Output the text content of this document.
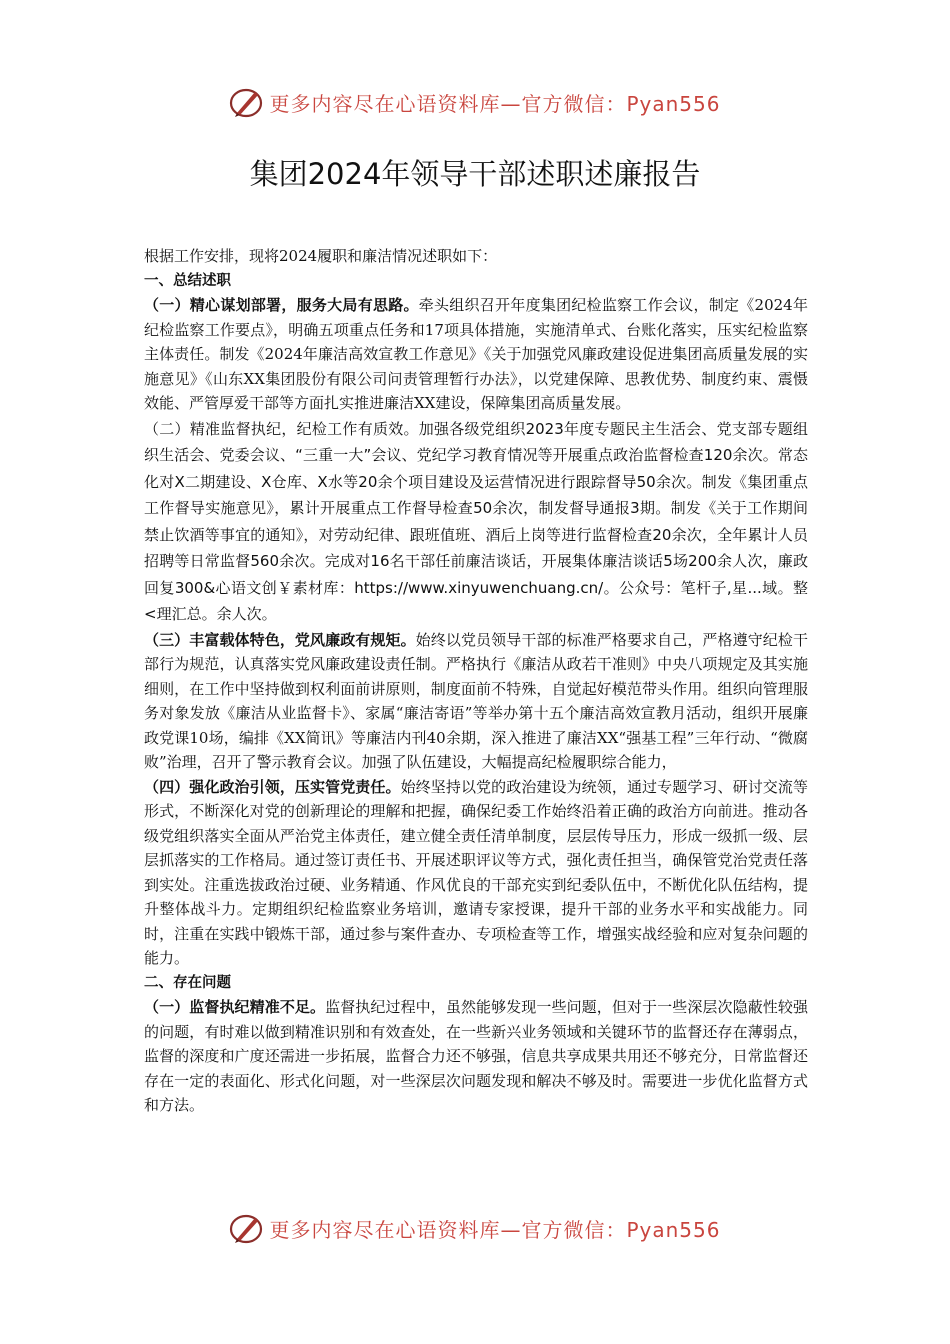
更多内容尽在心语资料库—官方微信：Pyan556
集团2024年领导干部述职述廉报告

根据工作安排，现将2024履职和廉洁情况述职如下：

一、总结述职

（一）精心谋划部署，服务大局有思路。牵头组织召开年度集团纪检监察工作会议，制定《2024年纪检监察工作要点》，明确五项重点任务和17项具体措施，实施清单式、台账化落实，压实纪检监察主体责任。制发《2024年廉洁高效宣教工作意见》《关于加强党风廉政建设促进集团高质量发展的实施意见》《山东XX集团股份有限公司问责管理暂行办法》，以党建保障、思教优势、制度约束、震慑效能、严管厚爱干部等方面扎实推进廉洁XX建设，保障集团高质量发展。

（二）精准监督执纪，纪检工作有质效。加强各级党组织2023年度专题民主生活会、党支部专题组织生活会、党委会议、“三重一大”会议、党纪学习教育情况等开展重点政治监督检查120余次。常态化对X二期建设、X仓库、X水等20余个项目建设及运营情况进行跟踪督导50余次。制发《集团重点工作督导实施意见》，累计开展重点工作督导检查50余次，制发督导通报3期。制发《关于工作期间禁止饮酒等事宜的通知》，对劳动纪律、跟班值班、酒后上岗等进行监督检查20余次，全年累计人员招聘等日常监督560余次。完成对16名干部任前廉洁谈话，开展集体廉洁谈话5场200余人次，廉政回复300&心语文创￥素材库：https://www.xinyuwenchuang.cn/。公众号：笔杆子,星...域。整<理汇总。余人次。

（三）丰富载体特色，党风廉政有规矩。始终以党员领导干部的标准严格要求自己，严格遵守纪检干部行为规范，认真落实党风廉政建设责任制。严格执行《廉洁从政若干准则》中央八项规定及其实施细则，在工作中坚持做到权利面前讲原则，制度面前不特殊，自觉起好模范带头作用。组织向管理服务对象发放《廉洁从业监督卡》、家属“廉洁寄语”等举办第十五个廉洁高效宣教月活动，组织开展廉政党课10场，编排《XX简讯》等廉洁内刊40余期，深入推进了廉洁XX“强基工程”三年行动、“微腐败”治理，召开了警示教育会议。加强了队伍建设，大幅提高纪检履职综合能力，

（四）强化政治引领，压实管党责任。始终坚持以党的政治建设为统领，通过专题学习、研讨交流等形式，不断深化对党的创新理论的理解和把握，确保纪委工作始终沿着正确的政治方向前进。推动各级党组织落实全面从严治党主体责任，建立健全责任清单制度，层层传导压力，形成一级抓一级、层层抓落实的工作格局。通过签订责任书、开展述职评议等方式，强化责任担当，确保管党治党责任落到实处。注重选拔政治过硬、业务精通、作风优良的干部充实到纪委队伍中，不断优化队伍结构，提升整体战斗力。定期组织纪检监察业务培训，邀请专家授课，提升干部的业务水平和实战能力。同时，注重在实践中锻炼干部，通过参与案件查办、专项检查等工作，增强实战经验和应对复杂问题的能力。

二、存在问题

（一）监督执纪精准不足。监督执纪过程中，虽然能够发现一些问题，但对于一些深层次隐蔽性较强的问题，有时难以做到精准识别和有效查处，在一些新兴业务领域和关键环节的监督还存在薄弱点，监督的深度和广度还需进一步拓展，监督合力还不够强，信息共享成果共用还不够充分，日常监督还存在一定的表面化、形式化问题，对一些深层次问题发现和解决不够及时。需要进一步优化监督方式和方法。

更多内容尽在心语资料库—官方微信：Pyan556
